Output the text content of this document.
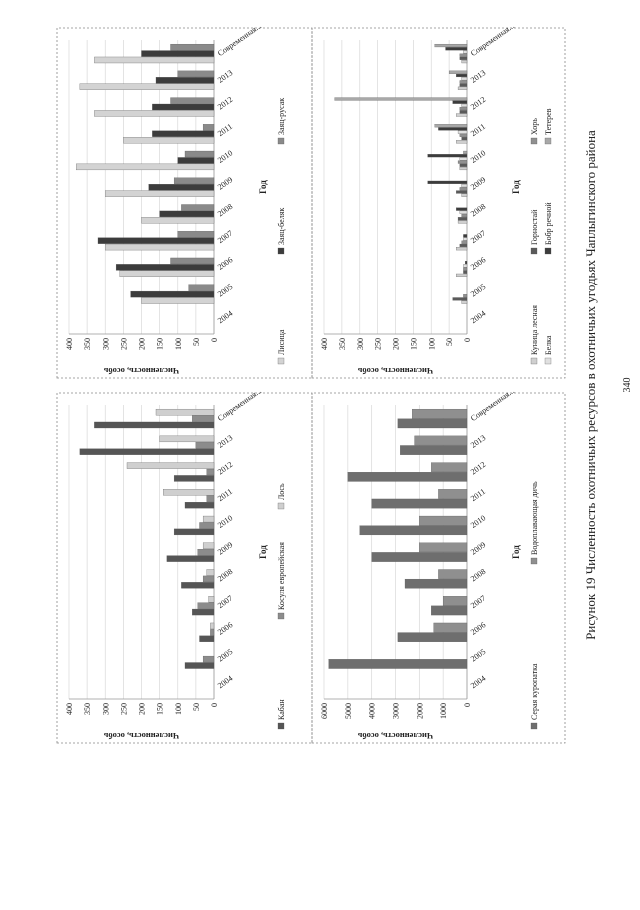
0
50
100
150
200
250
300
350
400
Численность, особь
2004
2005
2006
2007
2008
2009
2010
2011
2012
2013
Современная...
Год
Кабан
Косуля европейская
Лось
0
50
100
150
200
250
300
350
400
Численность, особь
2004
2005
2006
2007
2008
2009
2010
2011
2012
2013
Современная...
Год
Лисица
Заяц-беляк
Заяц-русак
0
1000
2000
3000
4000
5000
6000
Численность, особь
2004
2005
2006
2007
2008
2009
2010
2011
2012
2013
Современная...
Год
Серая куропатка
Водоплавающая дичь
0
50
100
150
200
250
300
350
400
Численность, особь
2004
2005
2006
2007
2008
2009
2010
2011
2012
2013
Современная...
Год
Куница лесная
Горностай
Хорь
Белка
Бобр речной
Тетерев
Рисунок 19 Численность охотничьих ресурсов в охотничьих угодьях Чаплыгинского района 340
